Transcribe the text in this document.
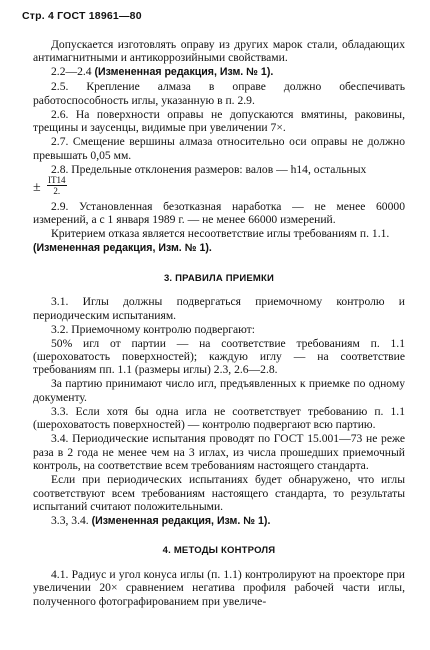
Стр. 4 ГОСТ 18961—80

Допускается изготовлять оправу из других марок стали, обладающих антимагнитными и антикоррозийными свойствами.

2.2—2.4 (Измененная редакция, Изм. № 1).

2.5. Крепление алмаза в оправе должно обеспечивать работоспособность иглы, указанную в п. 2.9.

2.6. На поверхности оправы не допускаются вмятины, раковины, трещины и заусенцы, видимые при увеличении 7×.

2.7. Смещение вершины алмаза относительно оси оправы не должно превышать 0,05 мм.

2.8. Предельные отклонения размеров: валов — h14, остальных

± $\frac{IT14}{2.}$

2.9. Установленная безотказная наработка — не менее 60000 измерений, а с 1 января 1989 г. — не менее 66000 измерений.

Критерием отказа является несоответствие иглы требованиям п. 1.1.

(Измененная редакция, Изм. № 1).

3. ПРАВИЛА ПРИЕМКИ

3.1. Иглы должны подвергаться приемочному контролю и периодическим испытаниям.

3.2. Приемочному контролю подвергают:

50% игл от партии — на соответствие требованиям п. 1.1 (шероховатость поверхностей); каждую иглу — на соответствие требованиям пп. 1.1 (размеры иглы) 2.3, 2.6—2.8.

За партию принимают число игл, предъявленных к приемке по одному документу.

3.3. Если хотя бы одна игла не соответствует требованию п. 1.1 (шероховатость поверхностей) — контролю подвергают всю партию.

3.4. Периодические испытания проводят по ГОСТ 15.001—73 не реже раза в 2 года не менее чем на 3 иглах, из числа прошедших приемочный контроль, на соответствие всем требованиям настоящего стандарта.

Если при периодических испытаниях будет обнаружено, что иглы соответствуют всем требованиям настоящего стандарта, то результаты испытаний считают положительными.

3.3, 3.4. (Измененная редакция, Изм. № 1).

4. МЕТОДЫ КОНТРОЛЯ

4.1. Радиус и угол конуса иглы (п. 1.1) контролируют на проекторе при увеличении 20× сравнением негатива профиля рабочей части иглы, полученного фотографированием при увеличе-
